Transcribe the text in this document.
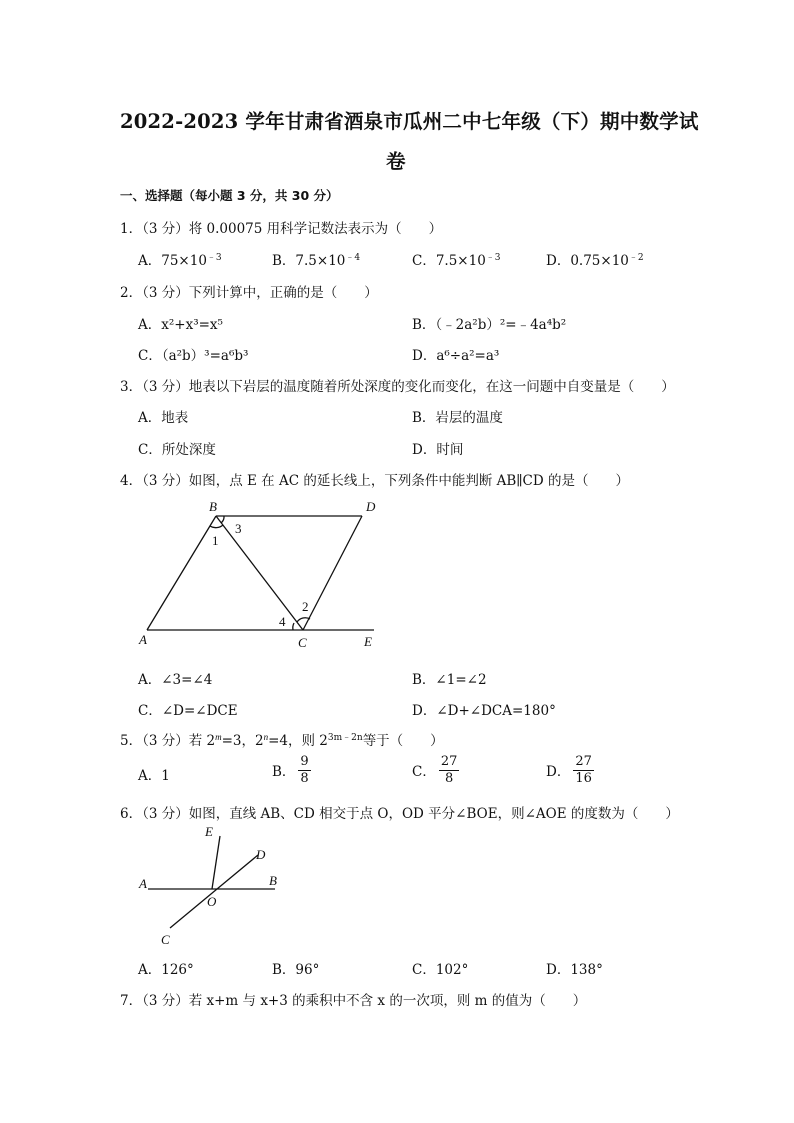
2022-2023 学年甘肃省酒泉市瓜州二中七年级（下）期中数学试
卷
一、选择题（每小题 3 分，共 30 分）
1．（3 分）将 0.00075 用科学记数法表示为（　　）
A．$75\times 10^{﹣3}$	B．$7.5\times 10^{﹣4}$	C．$7.5\times 10^{﹣3}$	D．$0.75\times 10^{﹣2}$
2．（3 分）下列计算中，正确的是（　　）
A．x²+x³=x⁵	B．（﹣2a²b）²=﹣4a⁴b²
C．（a²b）³=a⁶b³	D．a⁶÷a²=a³
3．（3 分）地表以下岩层的温度随着所处深度的变化而变化，在这一问题中自变量是（　　）
A．地表	B．岩层的温度
C．所处深度	D．时间
4．（3 分）如图，点 E 在 AC 的延长线上，下列条件中能判断 AB∥CD 的是（　　）
B	D
A	C	E
1
2
3
4
A．∠3=∠4	B．∠1=∠2
C．∠D=∠DCE	D．∠D+∠DCA=180°
5．（3 分）若 $2^m=3$，$2^n=4$，则 $2^{3m﹣2n}$等于（　　）
A．1	B． $\frac{9}{8}$	C． $\frac{27}{8}$	D． $\frac{27}{16}$
6．（3 分）如图，直线 AB、CD 相交于点 O，OD 平分∠BOE，则∠AOE 的度数为（　　）
E
D
A	B
O
C
A．126°	B．96°	C．102°	D．138°
7．（3 分）若 x+m 与 x+3 的乘积中不含 x 的一次项，则 m 的值为（　　）
